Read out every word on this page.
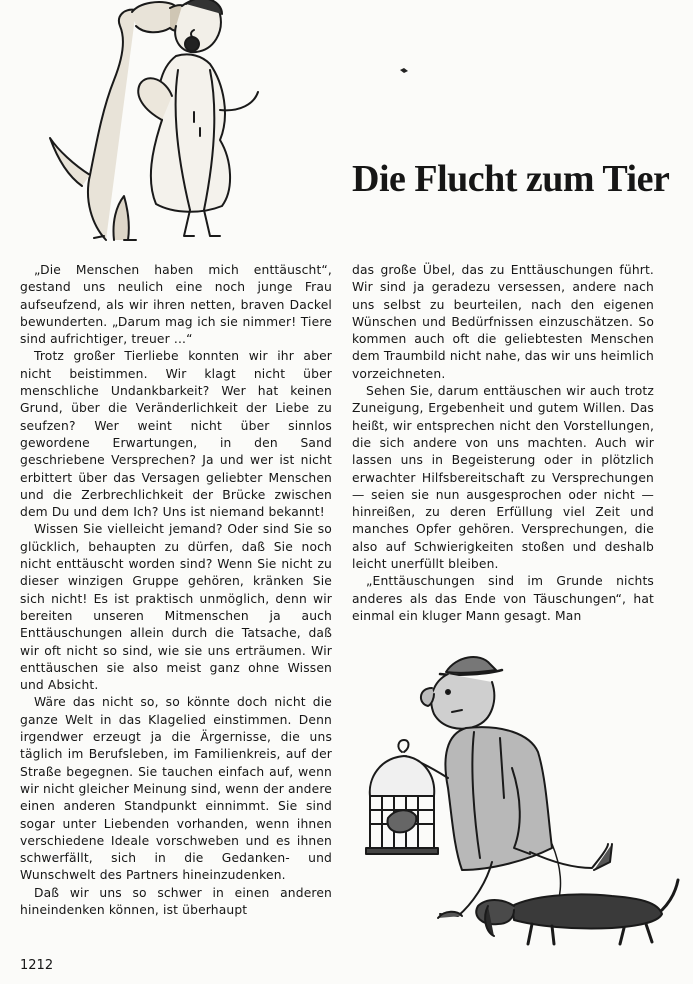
Die Flucht zum Tier

„Die Menschen haben mich enttäuscht“, gestand uns neulich eine noch junge Frau aufseufzend, als wir ihren netten, braven Dackel bewunderten. „Darum mag ich sie nimmer! Tiere sind aufrichtiger, treuer ...“

Trotz großer Tierliebe konnten wir ihr aber nicht beistimmen. Wir klagt nicht über menschliche Undankbarkeit? Wer hat keinen Grund, über die Veränderlichkeit der Liebe zu seufzen? Wer weint nicht über sinnlos gewordene Erwartungen, in den Sand geschriebene Versprechen? Ja und wer ist nicht erbittert über das Versagen geliebter Menschen und die Zerbrechlichkeit der Brücke zwischen dem Du und dem Ich? Uns ist niemand bekannt!

Wissen Sie vielleicht jemand? Oder sind Sie so glücklich, behaupten zu dürfen, daß Sie noch nicht enttäuscht worden sind? Wenn Sie nicht zu dieser winzigen Gruppe gehören, kränken Sie sich nicht! Es ist praktisch unmöglich, denn wir bereiten unseren Mitmenschen ja auch Enttäuschungen allein durch die Tatsache, daß wir oft nicht so sind, wie sie uns erträumen. Wir enttäuschen sie also meist ganz ohne Wissen und Absicht.

Wäre das nicht so, so könnte doch nicht die ganze Welt in das Klagelied einstimmen. Denn irgendwer erzeugt ja die Ärgernisse, die uns täglich im Berufsleben, im Familienkreis, auf der Straße begegnen. Sie tauchen einfach auf, wenn wir nicht gleicher Meinung sind, wenn der andere einen anderen Standpunkt einnimmt. Sie sind sogar unter Liebenden vorhanden, wenn ihnen verschiedene Ideale vorschweben und es ihnen schwerfällt, sich in die Gedanken- und Wunschwelt des Partners hineinzudenken.

Daß wir uns so schwer in einen anderen hineindenken können, ist überhaupt

das große Übel, das zu Enttäuschungen führt. Wir sind ja geradezu versessen, andere nach uns selbst zu beurteilen, nach den eigenen Wünschen und Bedürfnissen einzuschätzen. So kommen auch oft die geliebtesten Menschen dem Traumbild nicht nahe, das wir uns heimlich vorzeichneten.

Sehen Sie, darum enttäuschen wir auch trotz Zuneigung, Ergebenheit und gutem Willen. Das heißt, wir entsprechen nicht den Vorstellungen, die sich andere von uns machten. Auch wir lassen uns in Begeisterung oder in plötzlich erwachter Hilfsbereitschaft zu Versprechungen — seien sie nun ausgesprochen oder nicht — hinreißen, zu deren Erfüllung viel Zeit und manches Opfer gehören. Versprechungen, die also auf Schwierigkeiten stoßen und deshalb leicht unerfüllt bleiben.

„Enttäuschungen sind im Grunde nichts anderes als das Ende von Täuschungen“, hat einmal ein kluger Mann gesagt. Man

1212
